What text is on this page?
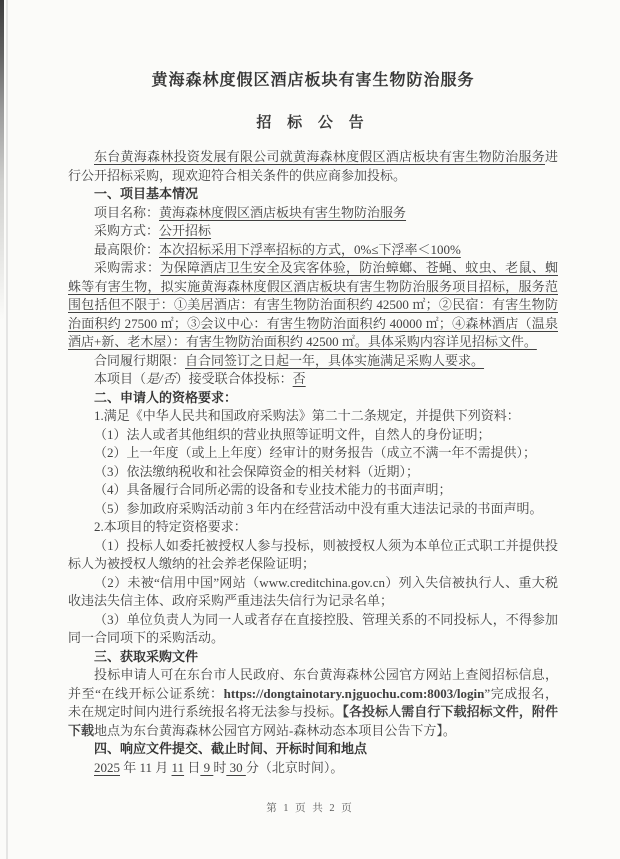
黄海森林度假区酒店板块有害生物防治服务
招 标 公 告

东台黄海森林投资发展有限公司就黄海森林度假区酒店板块有害生物防治服务进行公开招标采购，现欢迎符合相关条件的供应商参加投标。

一、项目基本情况

项目名称：黄海森林度假区酒店板块有害生物防治服务

采购方式：公开招标

最高限价：本次招标采用下浮率招标的方式，0%≤下浮率＜100%

采购需求：为保障酒店卫生安全及宾客体验，防治蟑螂、苍蝇、蚊虫、老鼠、蜘蛛等有害生物，拟实施黄海森林度假区酒店板块有害生物防治服务项目招标，服务范围包括但不限于：①美居酒店：有害生物防治面积约 42500 ㎡；②民宿：有害生物防治面积约 27500 ㎡；③会议中心：有害生物防治面积约 40000 ㎡；④森林酒店（温泉酒店+新、老木屋）：有害生物防治面积约 42500 ㎡。具体采购内容详见招标文件。

合同履行期限：自合同签订之日起一年，具体实施满足采购人要求。

本项目（是/否）接受联合体投标：否

二、申请人的资格要求：

1.满足《中华人民共和国政府采购法》第二十二条规定，并提供下列资料：

（1）法人或者其他组织的营业执照等证明文件，自然人的身份证明；

（2）上一年度（或上上年度）经审计的财务报告（成立不满一年不需提供）；

（3）依法缴纳税收和社会保障资金的相关材料（近期）；

（4）具备履行合同所必需的设备和专业技术能力的书面声明；

（5）参加政府采购活动前 3 年内在经营活动中没有重大违法记录的书面声明。

2.本项目的特定资格要求：

（1）投标人如委托被授权人参与投标，则被授权人须为本单位正式职工并提供投标人为被授权人缴纳的社会养老保险证明；

（2）未被“信用中国”网站（www.creditchina.gov.cn）列入失信被执行人、重大税收违法失信主体、政府采购严重违法失信行为记录名单；

（3）单位负责人为同一人或者存在直接控股、管理关系的不同投标人，不得参加同一合同项下的采购活动。

三、获取采购文件

投标申请人可在东台市人民政府、东台黄海森林公园官方网站上查阅招标信息，并至“在线开标公证系统：https://dongtainotary.njguochu.com:8003/login”完成报名，未在规定时间内进行系统报名将无法参与投标。【各投标人需自行下载招标文件，附件下载地点为东台黄海森林公园官方网站-森林动态本项目公告下方】。

四、响应文件提交、截止时间、开标时间和地点

2025 年 11 月 11 日 9 时 30 分（北京时间）。

第 1 页 共 2 页
